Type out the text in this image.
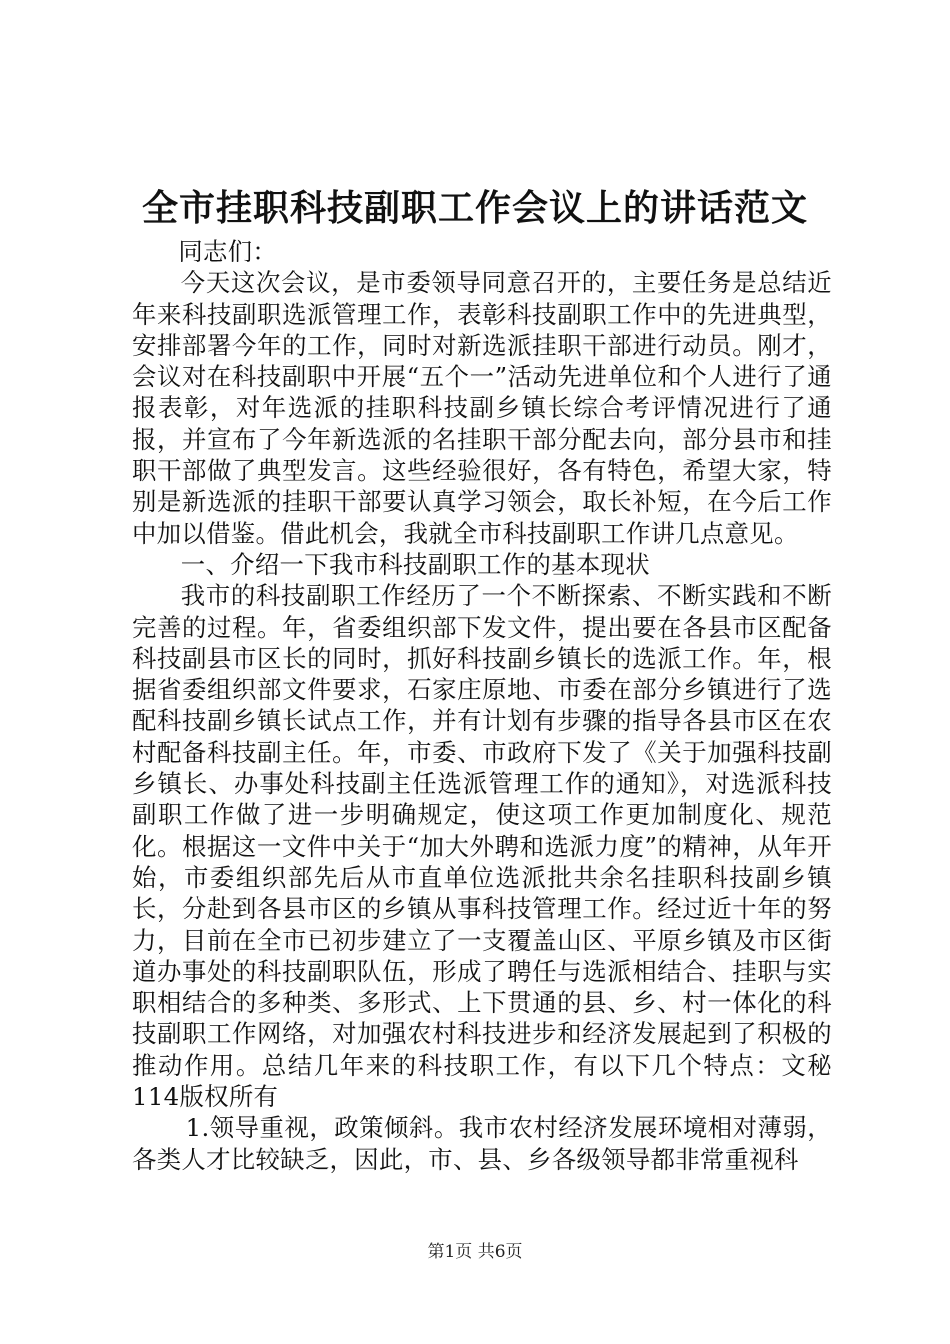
全市挂职科技副职工作会议上的讲话范文

同志们：

今天这次会议，是市委领导同意召开的，主要任务是总结近年来科技副职选派管理工作，表彰科技副职工作中的先进典型，安排部署今年的工作，同时对新选派挂职干部进行动员。刚才，会议对在科技副职中开展“五个一”活动先进单位和个人进行了通报表彰，对年选派的挂职科技副乡镇长综合考评情况进行了通报，并宣布了今年新选派的名挂职干部分配去向，部分县市和挂职干部做了典型发言。这些经验很好，各有特色，希望大家，特别是新选派的挂职干部要认真学习领会，取长补短，在今后工作中加以借鉴。借此机会，我就全市科技副职工作讲几点意见。

一、介绍一下我市科技副职工作的基本现状

我市的科技副职工作经历了一个不断探索、不断实践和不断完善的过程。年，省委组织部下发文件，提出要在各县市区配备科技副县市区长的同时，抓好科技副乡镇长的选派工作。年，根据省委组织部文件要求，石家庄原地、市委在部分乡镇进行了选配科技副乡镇长试点工作，并有计划有步骤的指导各县市区在农村配备科技副主任。年，市委、市政府下发了《关于加强科技副乡镇长、办事处科技副主任选派管理工作的通知》，对选派科技副职工作做了进一步明确规定，使这项工作更加制度化、规范化。根据这一文件中关于“加大外聘和选派力度”的精神，从年开始，市委组织部先后从市直单位选派批共余名挂职科技副乡镇长，分赴到各县市区的乡镇从事科技管理工作。经过近十年的努力，目前在全市已初步建立了一支覆盖山区、平原乡镇及市区街道办事处的科技副职队伍，形成了聘任与选派相结合、挂职与实职相结合的多种类、多形式、上下贯通的县、乡、村一体化的科技副职工作网络，对加强农村科技进步和经济发展起到了积极的推动作用。总结几年来的科技职工作，有以下几个特点：文秘114版权所有

1.领导重视，政策倾斜。我市农村经济发展环境相对薄弱，各类人才比较缺乏，因此，市、县、乡各级领导都非常重视科

第1页 共6页
